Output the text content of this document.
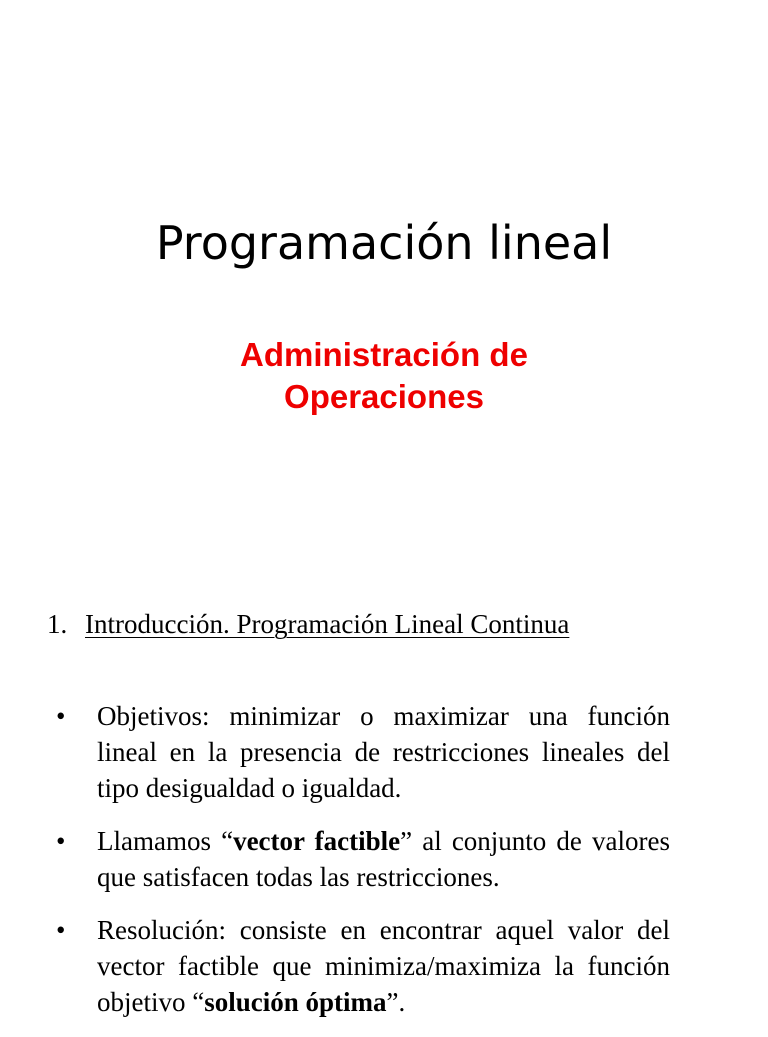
Programación lineal
Administración de
Operaciones

1. Introducción. Programación Lineal Continua

• Objetivos: minimizar o maximizar una función lineal en la presencia de restricciones lineales del tipo desigualdad o igualdad.
• Llamamos “vector factible” al conjunto de valores que satisfacen todas las restricciones.
• Resolución: consiste en encontrar aquel valor del vector factible que minimiza/maximiza la función objetivo “solución óptima”.
